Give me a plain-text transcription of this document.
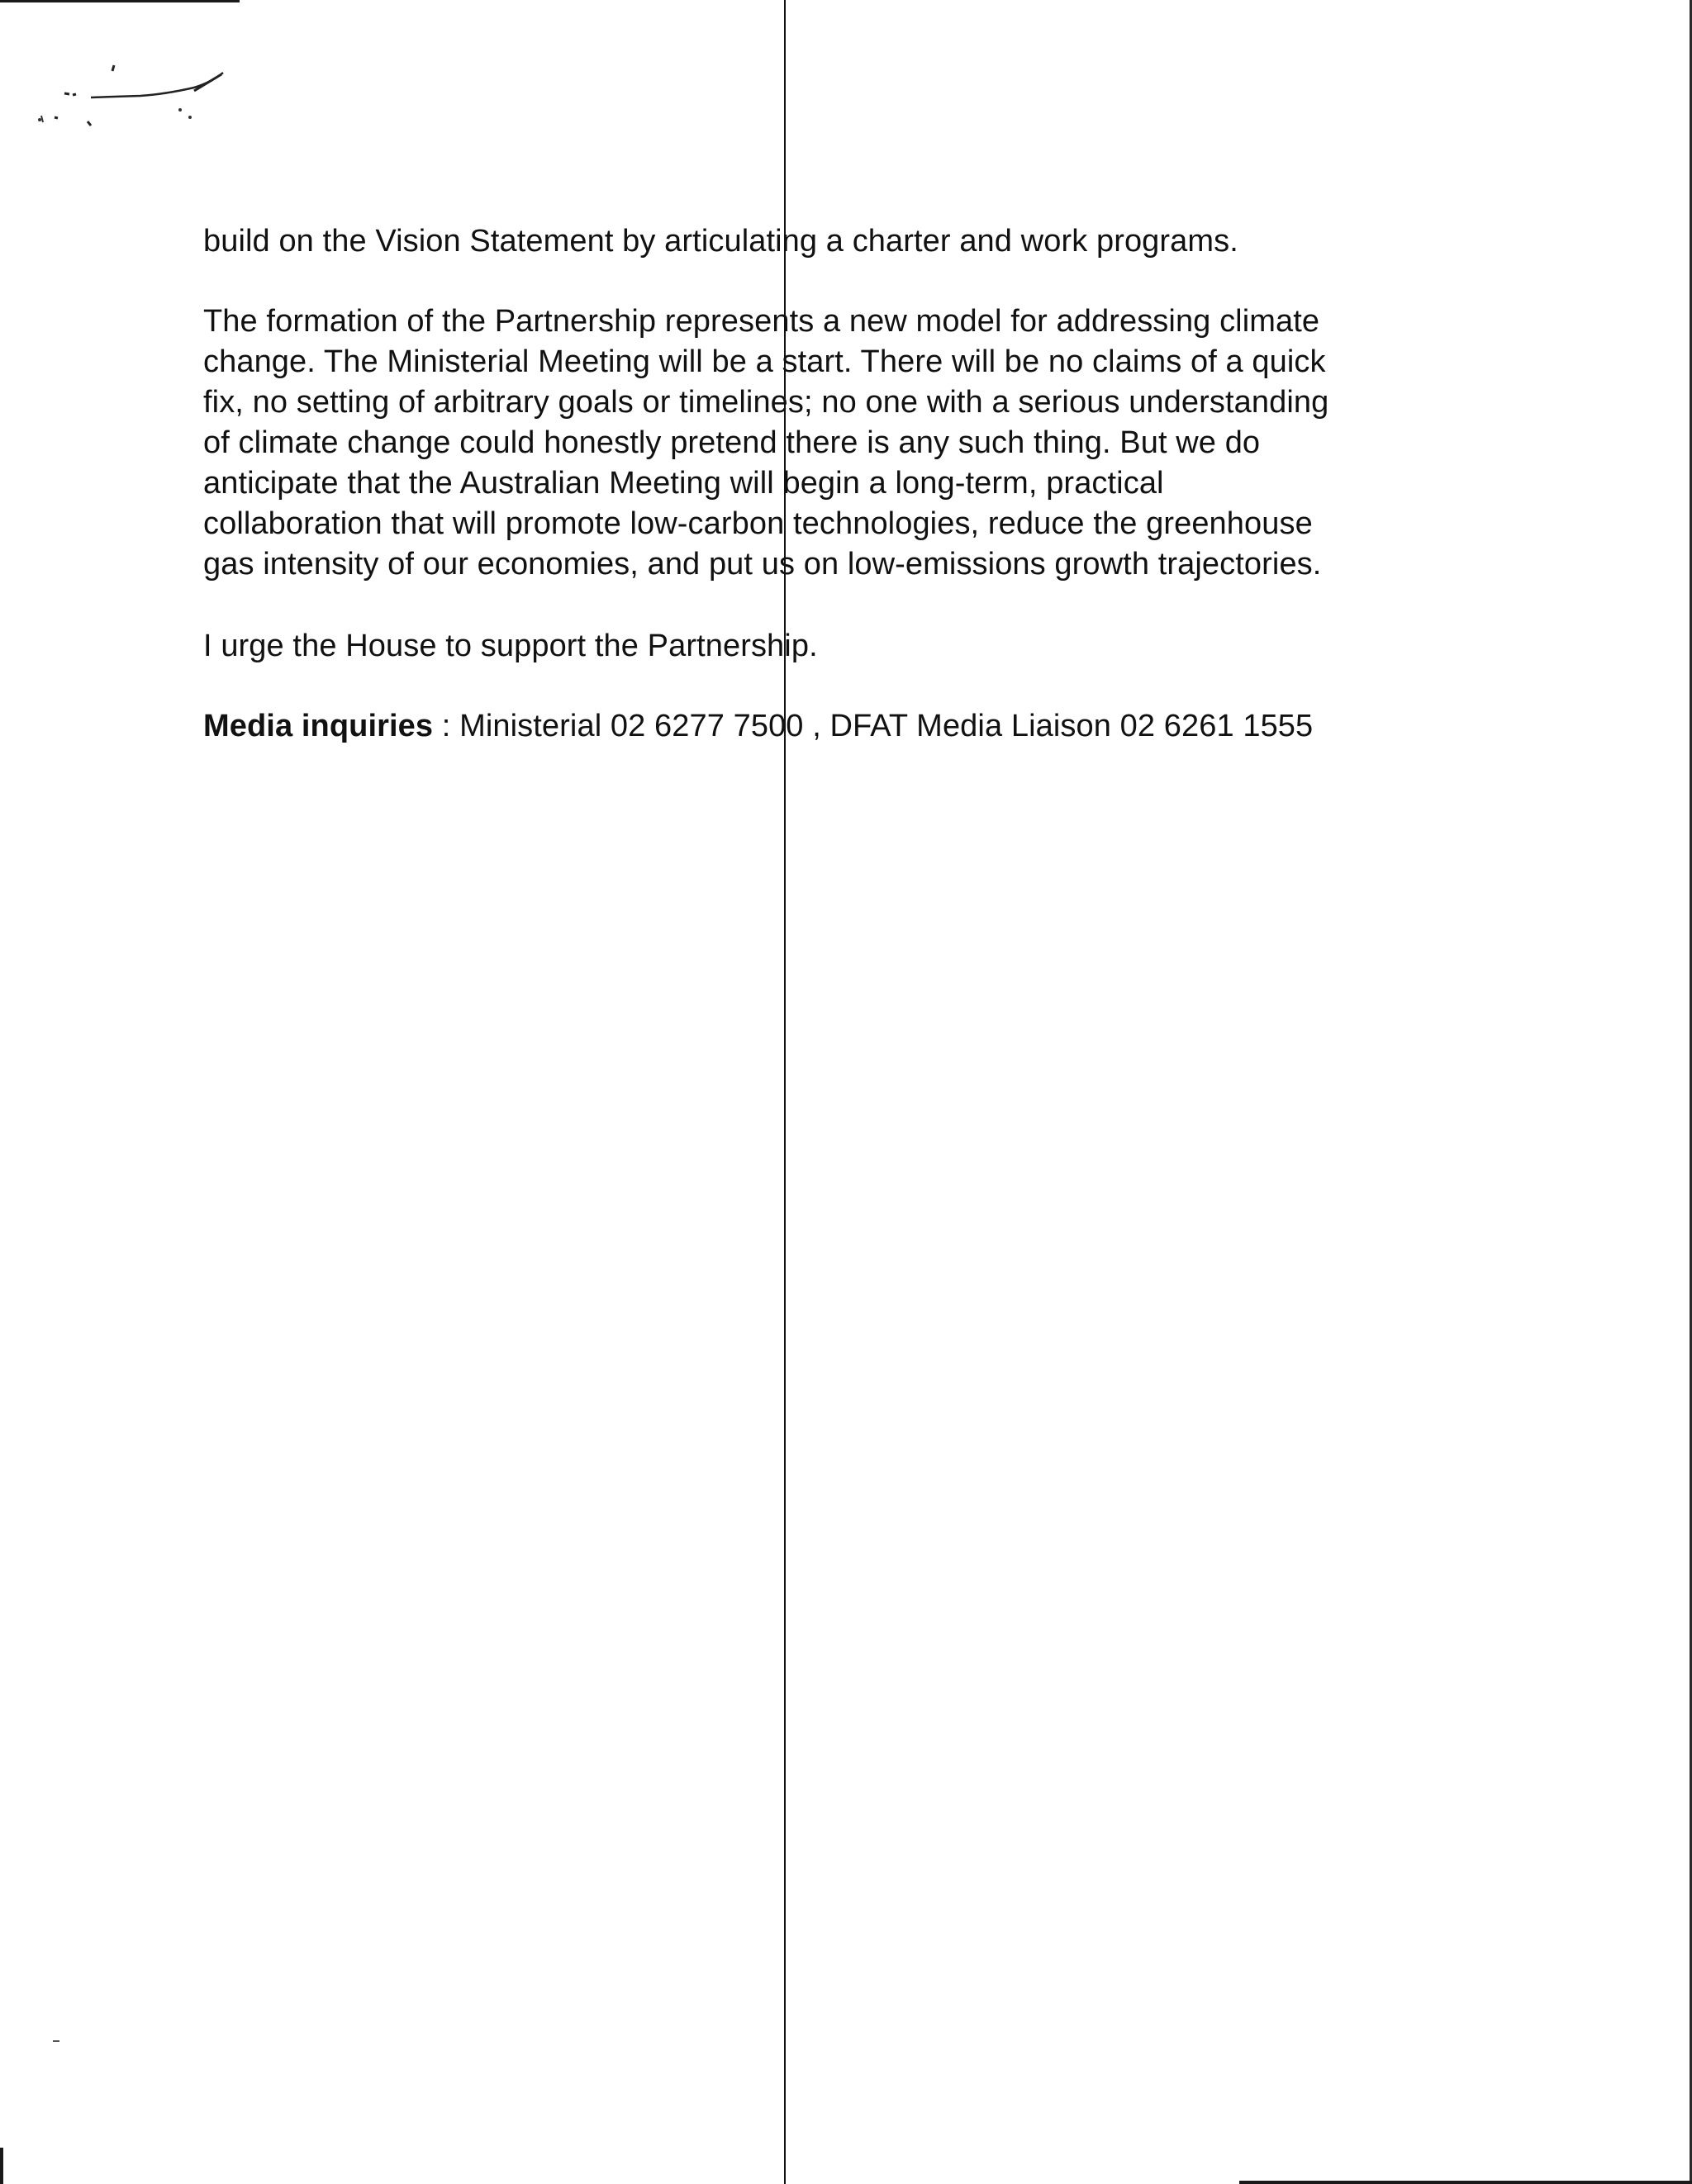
build on the Vision Statement by articulating a charter and work programs.

The formation of the Partnership represents a new model for addressing climate
change. The Ministerial Meeting will be a start. There will be no claims of a quick
fix, no setting of arbitrary goals or timelines; no one with a serious understanding
of climate change could honestly pretend there is any such thing. But we do
anticipate that the Australian Meeting will begin a long-term, practical
collaboration that will promote low-carbon technologies, reduce the greenhouse
gas intensity of our economies, and put us on low-emissions growth trajectories.

I urge the House to support the Partnership.

Media inquiries : Ministerial 02 6277 7500 , DFAT Media Liaison 02 6261 1555
